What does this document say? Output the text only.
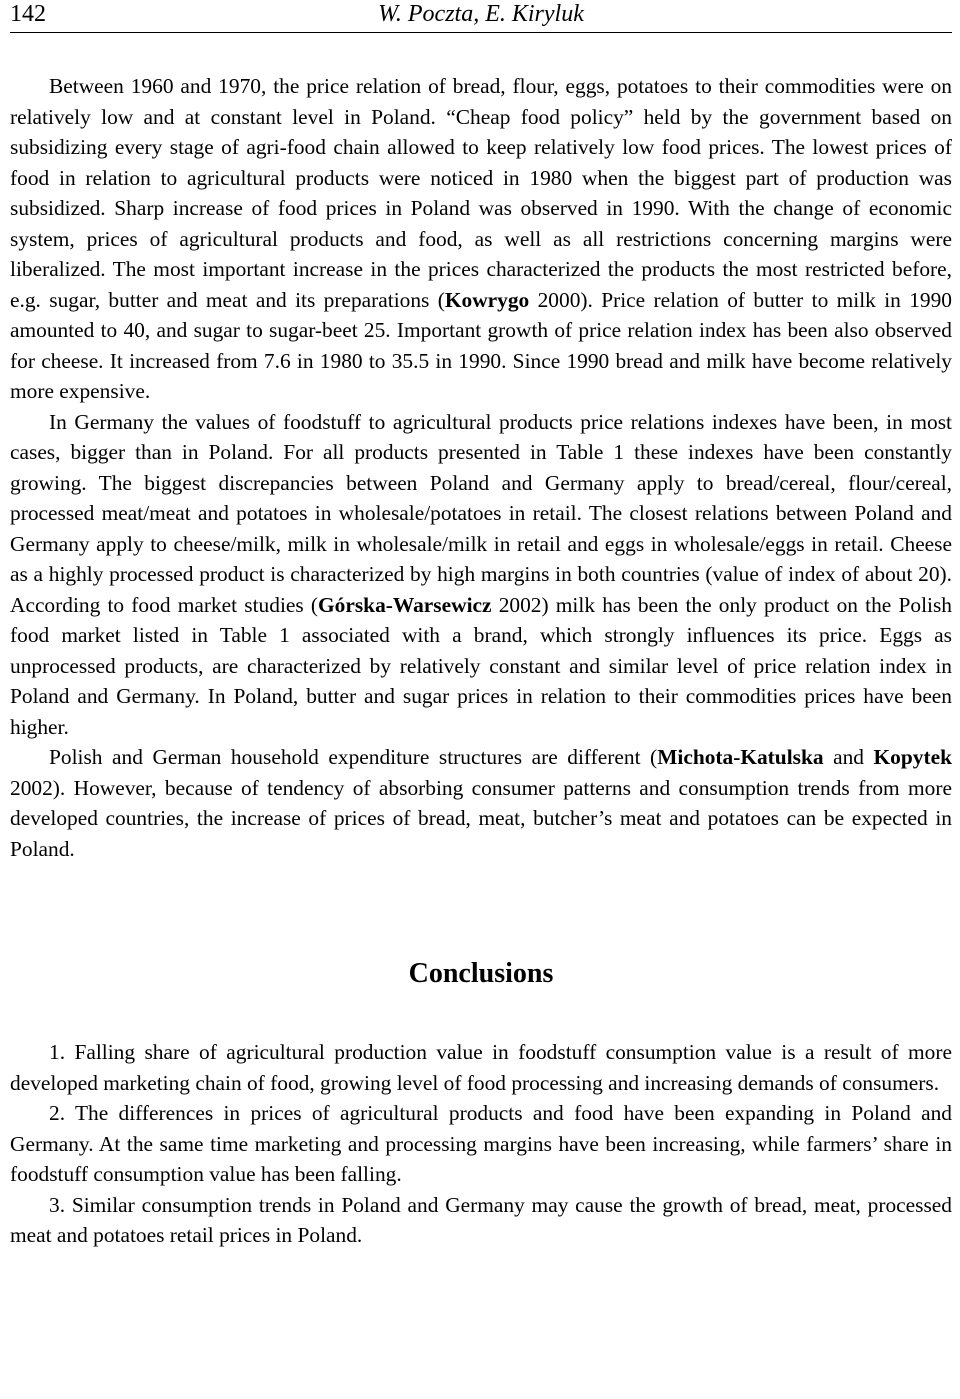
142	W. Poczta, E. Kiryluk

Between 1960 and 1970, the price relation of bread, flour, eggs, potatoes to their commodities were on relatively low and at constant level in Poland. “Cheap food policy” held by the government based on subsidizing every stage of agri-food chain allowed to keep relatively low food prices. The lowest prices of food in relation to agricultural products were noticed in 1980 when the biggest part of production was subsidized. Sharp increase of food prices in Poland was observed in 1990. With the change of economic system, prices of agricultural products and food, as well as all restrictions concerning margins were liberalized. The most important increase in the prices characterized the products the most restricted before, e.g. sugar, butter and meat and its preparations (Kowrygo 2000). Price relation of butter to milk in 1990 amounted to 40, and sugar to sugar-beet 25. Important growth of price relation index has been also observed for cheese. It increased from 7.6 in 1980 to 35.5 in 1990. Since 1990 bread and milk have become relatively more expensive.

In Germany the values of foodstuff to agricultural products price relations indexes have been, in most cases, bigger than in Poland. For all products presented in Table 1 these indexes have been constantly growing. The biggest discrepancies between Poland and Germany apply to bread/cereal, flour/cereal, processed meat/meat and potatoes in wholesale/potatoes in retail. The closest relations between Poland and Germany apply to cheese/milk, milk in wholesale/milk in retail and eggs in wholesale/eggs in retail. Cheese as a highly processed product is characterized by high margins in both countries (value of index of about 20). According to food market studies (Górska-Warsewicz 2002) milk has been the only product on the Polish food market listed in Table 1 associated with a brand, which strongly influences its price. Eggs as unprocessed products, are characterized by relatively constant and similar level of price relation index in Poland and Germany. In Poland, butter and sugar prices in relation to their commodities prices have been higher.

Polish and German household expenditure structures are different (Michota-Katulska and Kopytek 2002). However, because of tendency of absorbing consumer patterns and consumption trends from more developed countries, the increase of prices of bread, meat, butcher’s meat and potatoes can be expected in Poland.

Conclusions

1. Falling share of agricultural production value in foodstuff consumption value is a result of more developed marketing chain of food, growing level of food processing and increasing demands of consumers.

2. The differences in prices of agricultural products and food have been expanding in Poland and Germany. At the same time marketing and processing margins have been increasing, while farmers’ share in foodstuff consumption value has been falling.

3. Similar consumption trends in Poland and Germany may cause the growth of bread, meat, processed meat and potatoes retail prices in Poland.
